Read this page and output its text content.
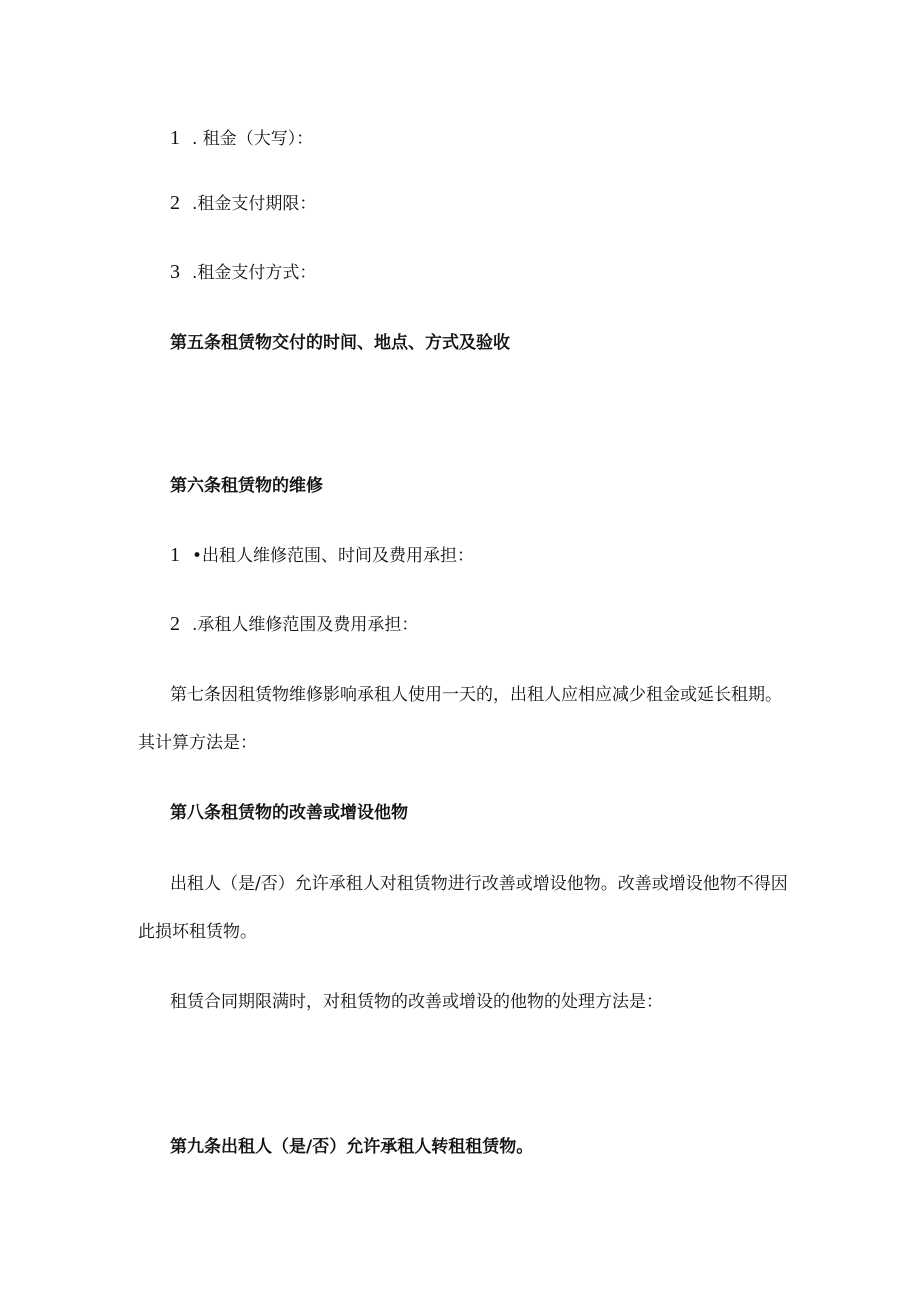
1 . 租金（大写）：
2 .租金支付期限：
3 .租金支付方式：
第五条租赁物交付的时间、地点、方式及验收
第六条租赁物的维修
1 •出租人维修范围、时间及费用承担：
2 .承租人维修范围及费用承担：
第七条因租赁物维修影响承租人使用一天的，出租人应相应减少租金或延长租期。其计算方法是：
第八条租赁物的改善或增设他物
出租人（是/否）允许承租人对租赁物进行改善或增设他物。改善或增设他物不得因此损坏租赁物。
租赁合同期限满时，对租赁物的改善或增设的他物的处理方法是：
第九条出租人（是/否）允许承租人转租租赁物。
